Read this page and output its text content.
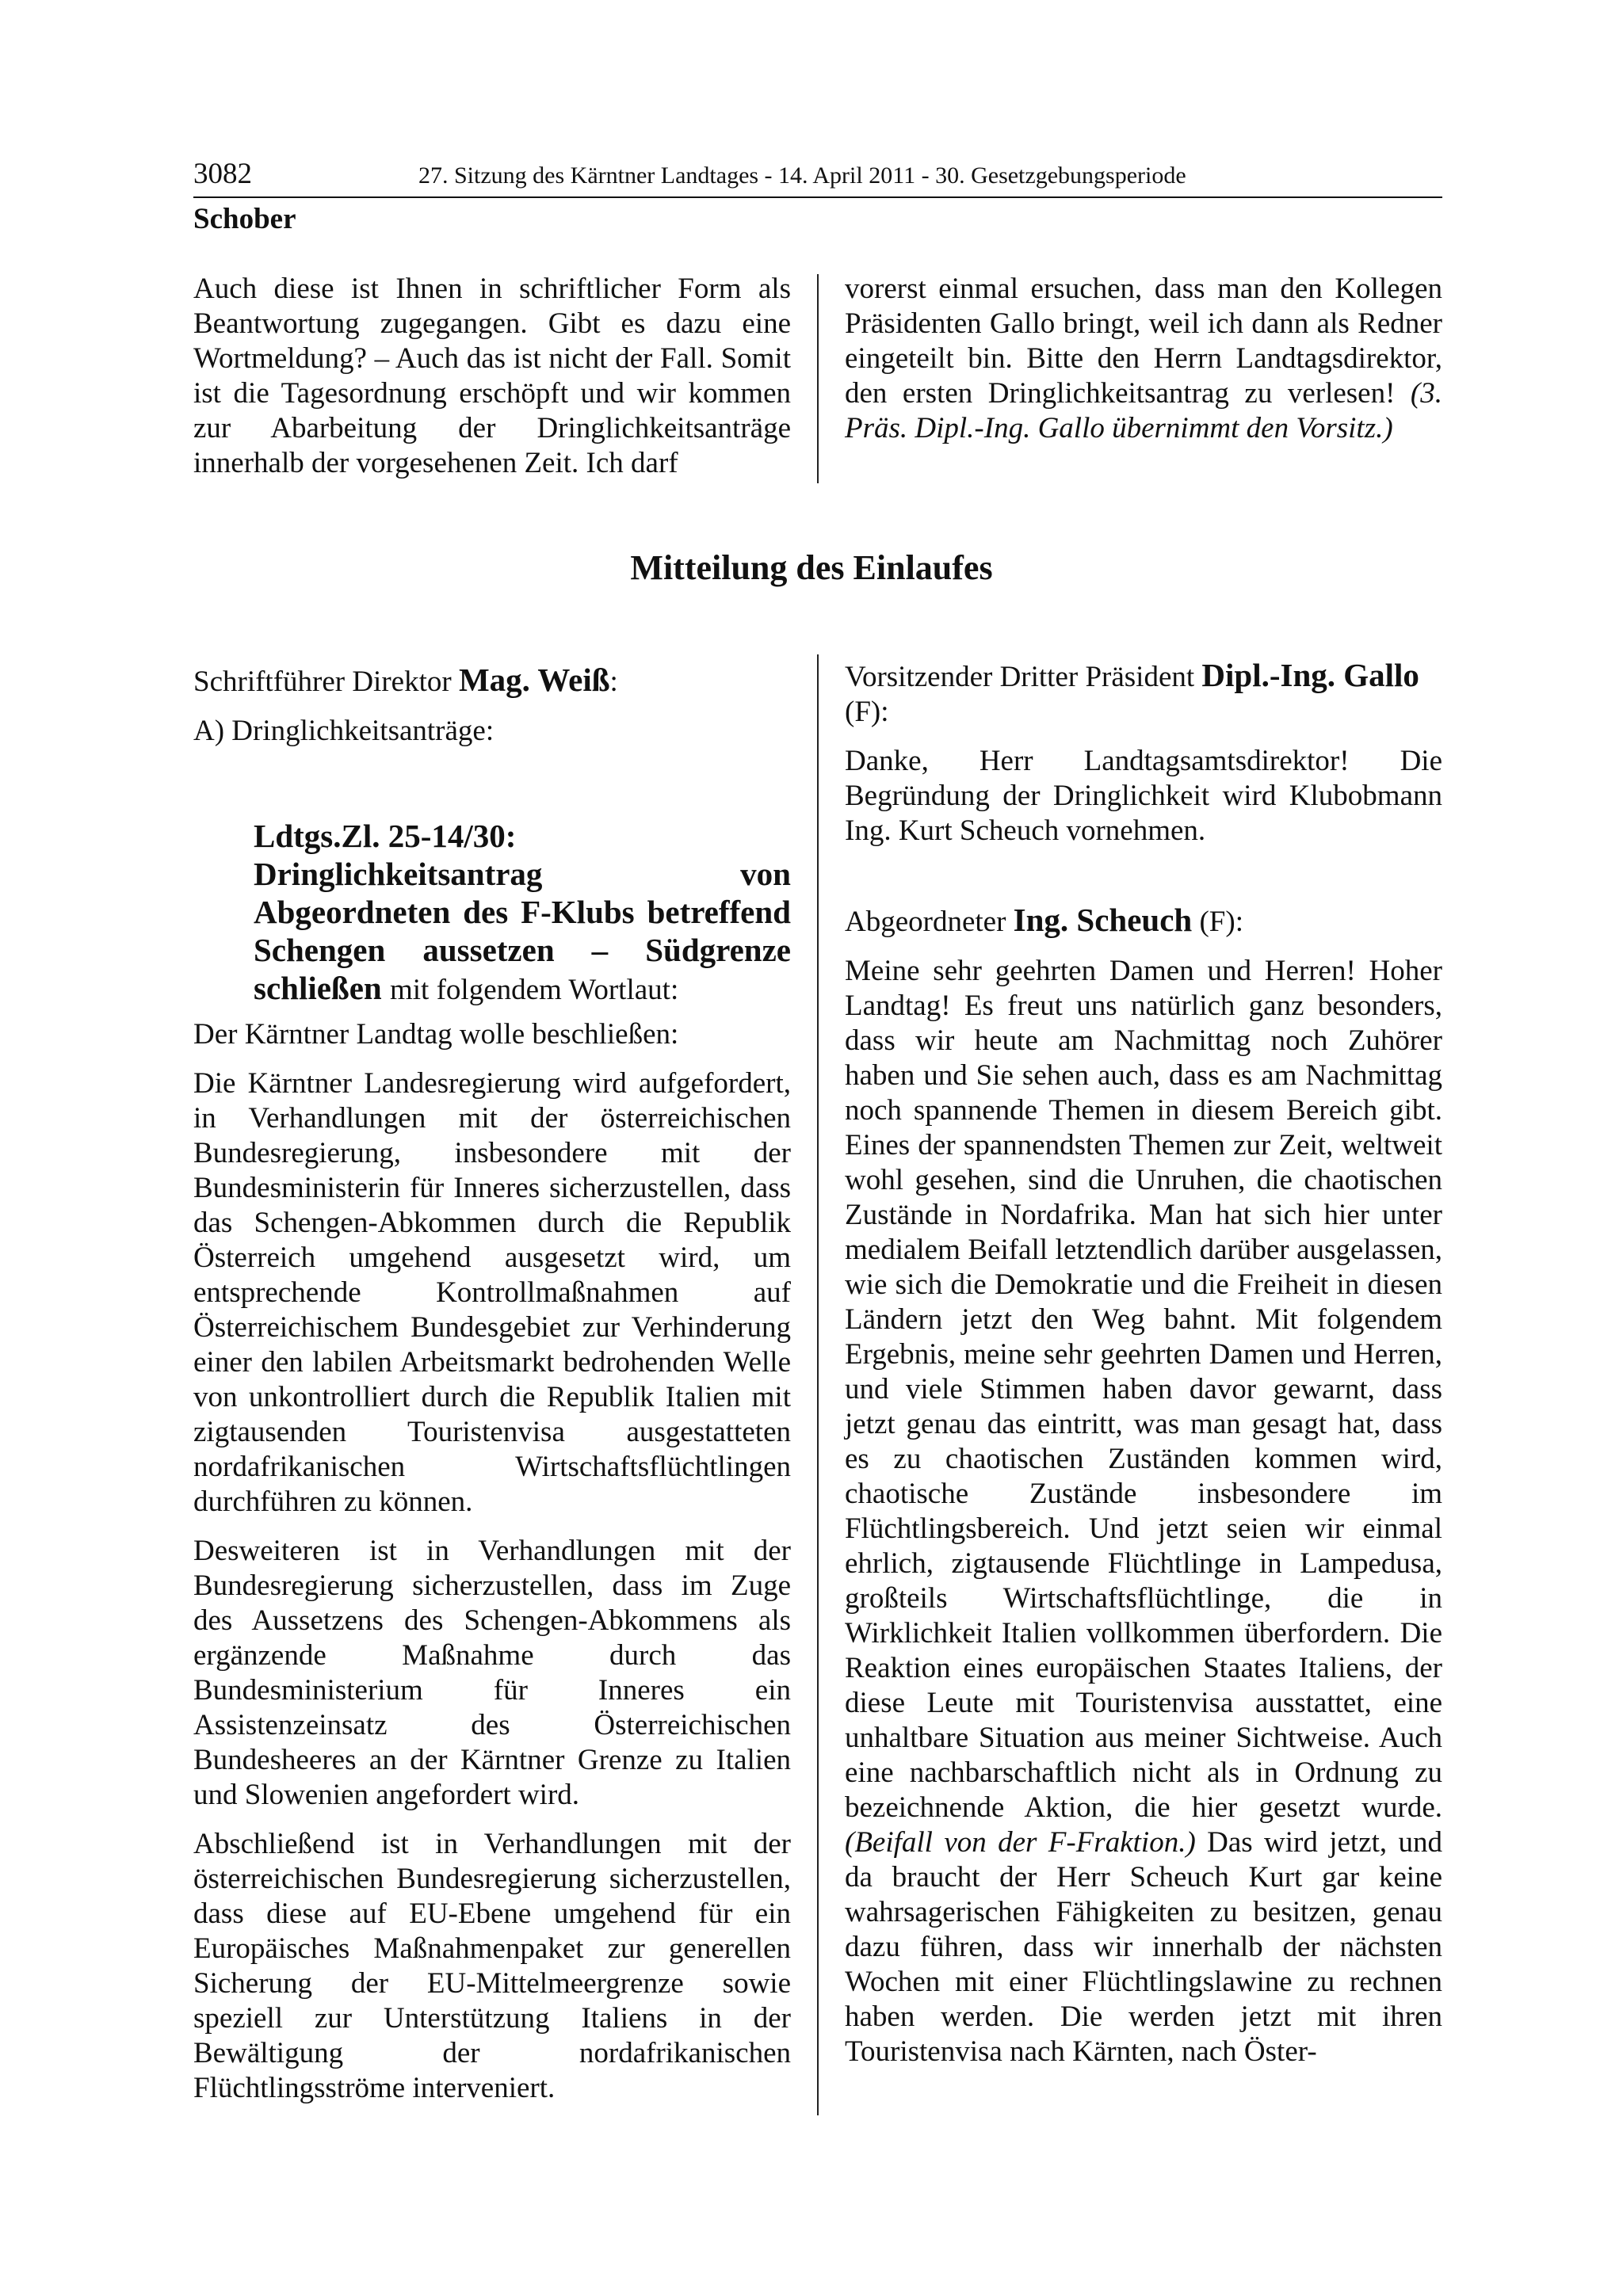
3082	27. Sitzung des Kärntner Landtages - 14. April 2011 - 30. Gesetzgebungsperiode
Schober

Auch diese ist Ihnen in schriftlicher Form als Beantwortung zugegangen. Gibt es dazu eine Wortmeldung? – Auch das ist nicht der Fall. Somit ist die Tagesordnung erschöpft und wir kommen zur Abarbeitung der Dringlichkeitsanträge innerhalb der vorgesehenen Zeit. Ich darf

vorerst einmal ersuchen, dass man den Kollegen Präsidenten Gallo bringt, weil ich dann als Redner eingeteilt bin. Bitte den Herrn Landtagsdirektor, den ersten Dringlichkeitsantrag zu verlesen! (3. Präs. Dipl.-Ing. Gallo übernimmt den Vorsitz.)

Mitteilung des Einlaufes

Schriftführer Direktor Mag. Weiß:

A) Dringlichkeitsanträge:

Ldtgs.Zl. 25-14/30:
Dringlichkeitsantrag von Abgeordneten des F-Klubs betreffend Schengen aussetzen – Südgrenze schließen mit folgendem Wortlaut:

Der Kärntner Landtag wolle beschließen:

Die Kärntner Landesregierung wird aufgefordert, in Verhandlungen mit der österreichischen Bundesregierung, insbesondere mit der Bundesministerin für Inneres sicherzustellen, dass das Schengen-Abkommen durch die Republik Österreich umgehend ausgesetzt wird, um entsprechende Kontrollmaßnahmen auf Österreichischem Bundesgebiet zur Verhinderung einer den labilen Arbeitsmarkt bedrohenden Welle von unkontrolliert durch die Republik Italien mit zigtausenden Touristenvisa ausgestatteten nordafrikanischen Wirtschaftsflüchtlingen durchführen zu können.

Desweiteren ist in Verhandlungen mit der Bundesregierung sicherzustellen, dass im Zuge des Aussetzens des Schengen-Abkommens als ergänzende Maßnahme durch das Bundesministerium für Inneres ein Assistenzeinsatz des Österreichischen Bundesheeres an der Kärntner Grenze zu Italien und Slowenien angefordert wird.

Abschließend ist in Verhandlungen mit der österreichischen Bundesregierung sicherzustellen, dass diese auf EU-Ebene umgehend für ein Europäisches Maßnahmenpaket zur generellen Sicherung der EU-Mittelmeergrenze sowie speziell zur Unterstützung Italiens in der Bewältigung der nordafrikanischen Flüchtlingsströme interveniert.

Vorsitzender Dritter Präsident Dipl.-Ing. Gallo (F):

Danke, Herr Landtagsamtsdirektor! Die Begründung der Dringlichkeit wird Klubobmann Ing. Kurt Scheuch vornehmen.

Abgeordneter Ing. Scheuch (F):

Meine sehr geehrten Damen und Herren! Hoher Landtag! Es freut uns natürlich ganz besonders, dass wir heute am Nachmittag noch Zuhörer haben und Sie sehen auch, dass es am Nachmittag noch spannende Themen in diesem Bereich gibt. Eines der spannendsten Themen zur Zeit, weltweit wohl gesehen, sind die Unruhen, die chaotischen Zustände in Nordafrika. Man hat sich hier unter medialem Beifall letztendlich darüber ausgelassen, wie sich die Demokratie und die Freiheit in diesen Ländern jetzt den Weg bahnt. Mit folgendem Ergebnis, meine sehr geehrten Damen und Herren, und viele Stimmen haben davor gewarnt, dass jetzt genau das eintritt, was man gesagt hat, dass es zu chaotischen Zuständen kommen wird, chaotische Zustände insbesondere im Flüchtlingsbereich. Und jetzt seien wir einmal ehrlich, zigtausende Flüchtlinge in Lampedusa, großteils Wirtschaftsflüchtlinge, die in Wirklichkeit Italien vollkommen überfordern. Die Reaktion eines europäischen Staates Italiens, der diese Leute mit Touristenvisa ausstattet, eine unhaltbare Situation aus meiner Sichtweise. Auch eine nachbarschaftlich nicht als in Ordnung zu bezeichnende Aktion, die hier gesetzt wurde. (Beifall von der F-Fraktion.) Das wird jetzt, und da braucht der Herr Scheuch Kurt gar keine wahrsagerischen Fähigkeiten zu besitzen, genau dazu führen, dass wir innerhalb der nächsten Wochen mit einer Flüchtlingslawine zu rechnen haben werden. Die werden jetzt mit ihren Touristenvisa nach Kärnten, nach Öster-
